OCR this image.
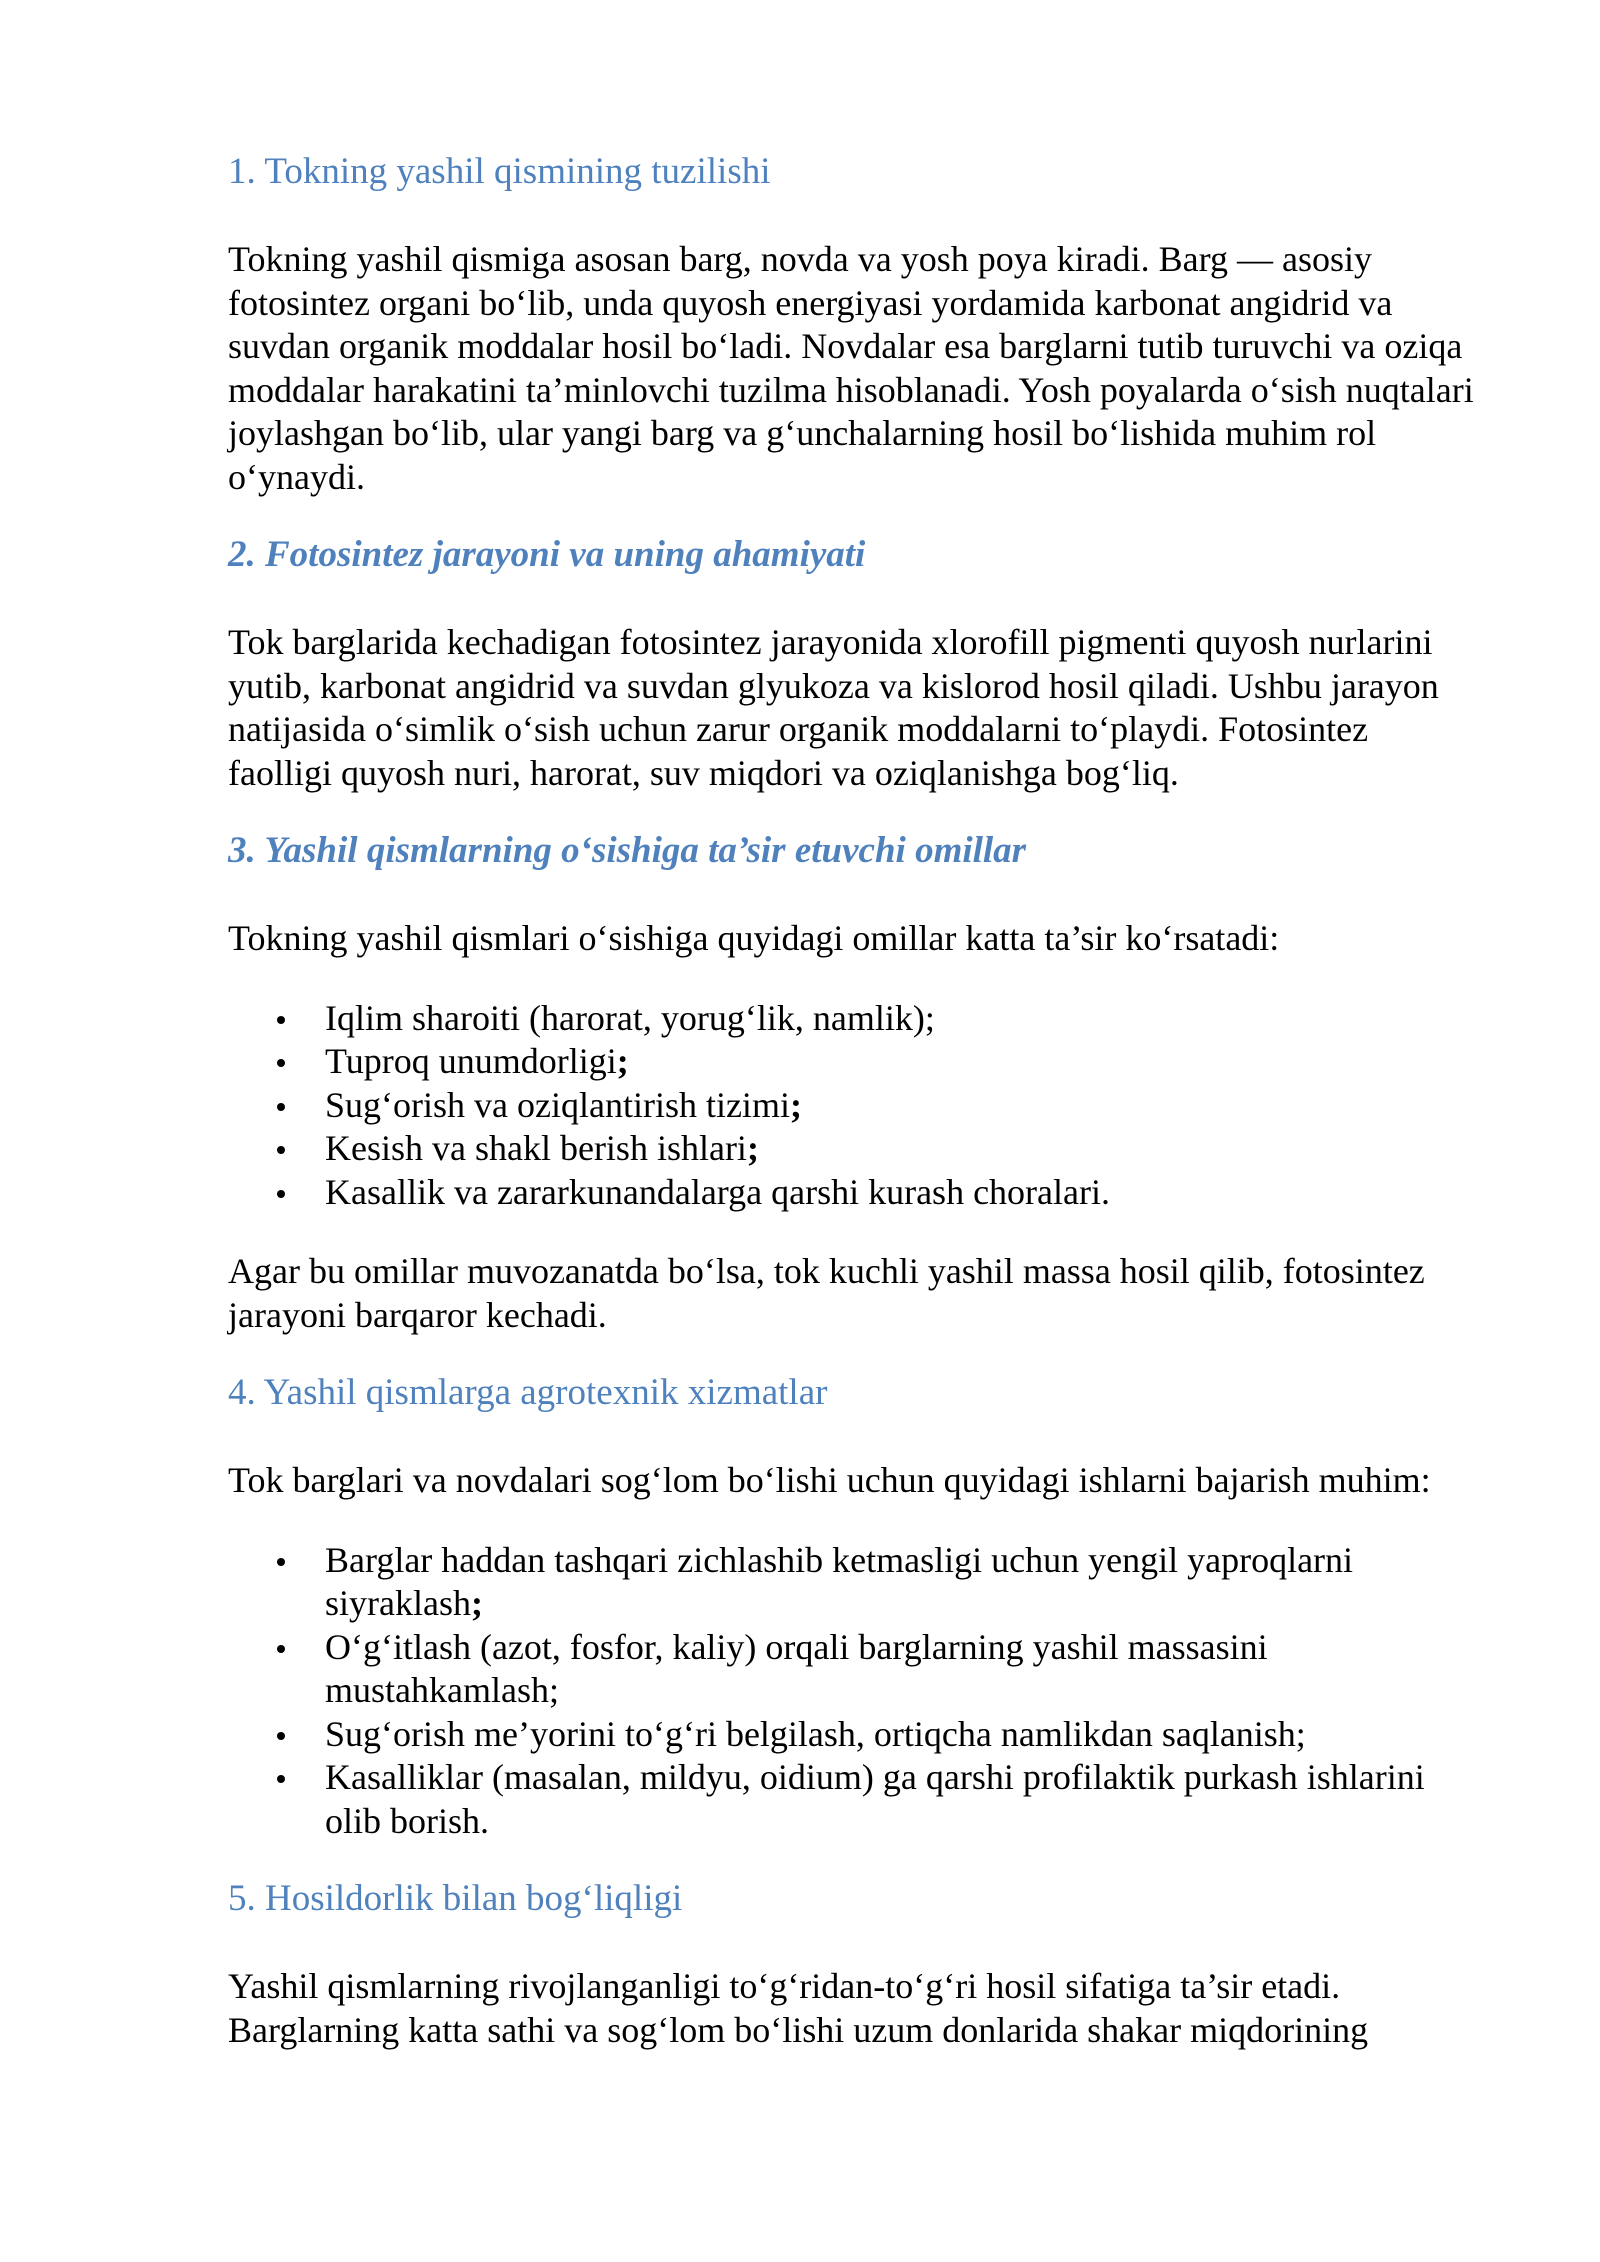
1. Tokning yashil qismining tuzilishi

Tokning yashil qismiga asosan barg, novda va yosh poya kiradi. Barg — asosiy fotosintez organi bo‘lib, unda quyosh energiyasi yordamida karbonat angidrid va suvdan organik moddalar hosil bo‘ladi. Novdalar esa barglarni tutib turuvchi va oziqa moddalar harakatini ta’minlovchi tuzilma hisoblanadi. Yosh poyalarda o‘sish nuqtalari joylashgan bo‘lib, ular yangi barg va g‘unchalarning hosil bo‘lishida muhim rol o‘ynaydi.

2. Fotosintez jarayoni va uning ahamiyati

Tok barglarida kechadigan fotosintez jarayonida xlorofill pigmenti quyosh nurlarini yutib, karbonat angidrid va suvdan glyukoza va kislorod hosil qiladi. Ushbu jarayon natijasida o‘simlik o‘sish uchun zarur organik moddalarni to‘playdi. Fotosintez faolligi quyosh nuri, harorat, suv miqdori va oziqlanishga bog‘liq.

3. Yashil qismlarning o‘sishiga ta’sir etuvchi omillar

Tokning yashil qismlari o‘sishiga quyidagi omillar katta ta’sir ko‘rsatadi:

Iqlim sharoiti (harorat, yorug‘lik, namlik);
Tuproq unumdorligi;
Sug‘orish va oziqlantirish tizimi;
Kesish va shakl berish ishlari;
Kasallik va zararkunandalarga qarshi kurash choralari.

Agar bu omillar muvozanatda bo‘lsa, tok kuchli yashil massa hosil qilib, fotosintez jarayoni barqaror kechadi.

4. Yashil qismlarga agrotexnik xizmatlar

Tok barglari va novdalari sog‘lom bo‘lishi uchun quyidagi ishlarni bajarish muhim:

Barglar haddan tashqari zichlashib ketmasligi uchun yengil yaproqlarni siyraklash;
O‘g‘itlash (azot, fosfor, kaliy) orqali barglarning yashil massasini mustahkamlash;
Sug‘orish me’yorini to‘g‘ri belgilash, ortiqcha namlikdan saqlanish;
Kasalliklar (masalan, mildyu, oidium) ga qarshi profilaktik purkash ishlarini olib borish.
5. Hosildorlik bilan bog‘liqligi

Yashil qismlarning rivojlanganligi to‘g‘ridan-to‘g‘ri hosil sifatiga ta’sir etadi. Barglarning katta sathi va sog‘lom bo‘lishi uzum donlarida shakar miqdorining
